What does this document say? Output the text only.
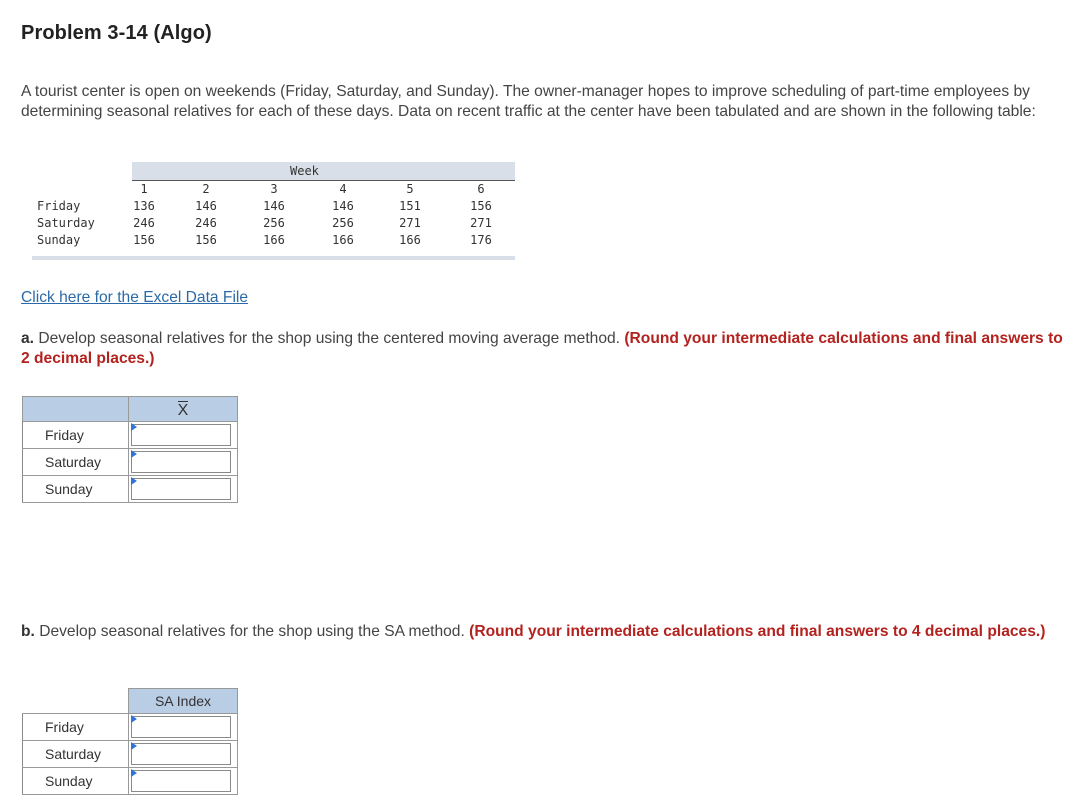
Problem 3-14 (Algo)
A tourist center is open on weekends (Friday, Saturday, and Sunday). The owner-manager hopes to improve scheduling of part-time employees by determining seasonal relatives for each of these days. Data on recent traffic at the center have been tabulated and are shown in the following table:
Week
1	2	3	4	5	6
Friday	136	146	146	146	151	156
Saturday	246	246	256	256	271	271
Sunday	156	156	166	166	166	176
Click here for the Excel Data File
a. Develop seasonal relatives for the shop using the centered moving average method. (Round your intermediate calculations and final answers to 2 decimal places.)
	X
Friday	

Saturday	

Sunday	
b. Develop seasonal relatives for the shop using the SA method. (Round your intermediate calculations and final answers to 4 decimal places.)
	SA Index
Friday	

Saturday	

Sunday	
